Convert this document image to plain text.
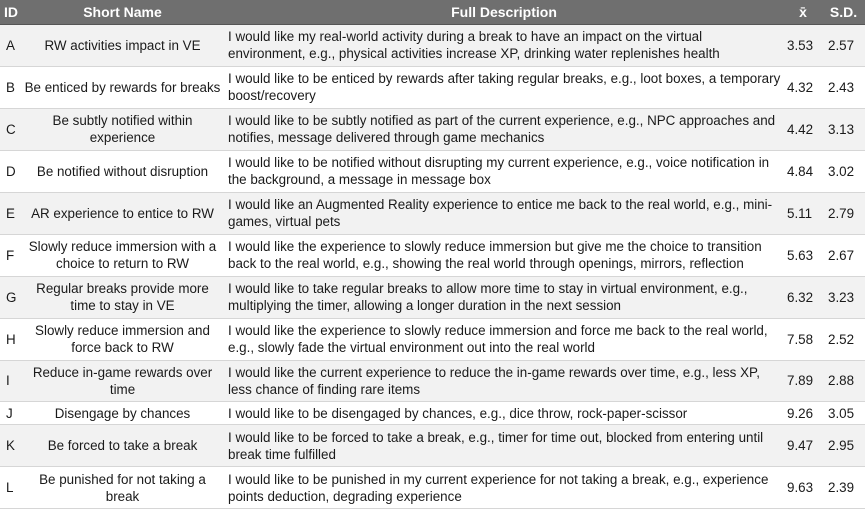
ID	Short Name	Full Description	x̄	S.D.
A	RW activities impact in VE	I would like my real-world activity during a break to have an impact on the virtual environment, e.g., physical activities increase XP, drinking water replenishes health	3.53	2.57
B	Be enticed by rewards for breaks	I would like to be enticed by rewards after taking regular breaks, e.g., loot boxes, a temporary boost/recovery	4.32	2.43
C	Be subtly notified within experience	I would like to be subtly notified as part of the current experience, e.g., NPC approaches and notifies, message delivered through game mechanics	4.42	3.13
D	Be notified without disruption	I would like to be notified without disrupting my current experience, e.g., voice notification in the background, a message in message box	4.84	3.02
E	AR experience to entice to RW	I would like an Augmented Reality experience to entice me back to the real world, e.g., mini-games, virtual pets	5.11	2.79
F	Slowly reduce immersion with a choice to return to RW	I would like the experience to slowly reduce immersion but give me the choice to transition back to the real world, e.g., showing the real world through openings, mirrors, reflection	5.63	2.67
G	Regular breaks provide more time to stay in VE	I would like to take regular breaks to allow more time to stay in virtual environment, e.g., multiplying the timer, allowing a longer duration in the next session	6.32	3.23
H	Slowly reduce immersion and force back to RW	I would like the experience to slowly reduce immersion and force me back to the real world, e.g., slowly fade the virtual environment out into the real world	7.58	2.52
I	Reduce in-game rewards over time	I would like the current experience to reduce the in-game rewards over time, e.g., less XP, less chance of finding rare items	7.89	2.88
J	Disengage by chances	I would like to be disengaged by chances, e.g., dice throw, rock-paper-scissor	9.26	3.05
K	Be forced to take a break	I would like to be forced to take a break, e.g., timer for time out, blocked from entering until break time fulfilled	9.47	2.95
L	Be punished for not taking a break	I would like to be punished in my current experience for not taking a break, e.g., experience points deduction, degrading experience	9.63	2.39
